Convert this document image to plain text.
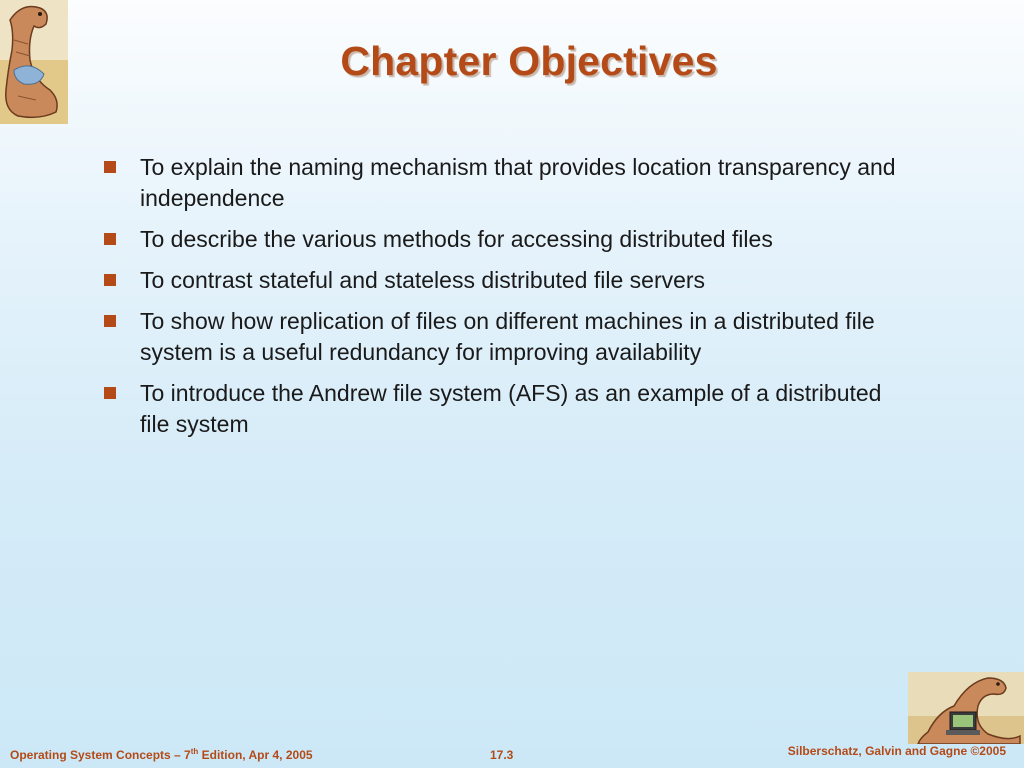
Chapter Objectives
To explain the naming mechanism that provides location transparency and independence
To describe the various methods for accessing distributed files
To contrast stateful and stateless distributed file servers
To show how replication of files on different machines in a distributed file system is a useful redundancy for improving availability
To introduce the Andrew file system (AFS) as an example of a distributed file system
Operating System Concepts – 7th Edition, Apr 4, 2005	17.3	Silberschatz, Galvin and Gagne ©2005
